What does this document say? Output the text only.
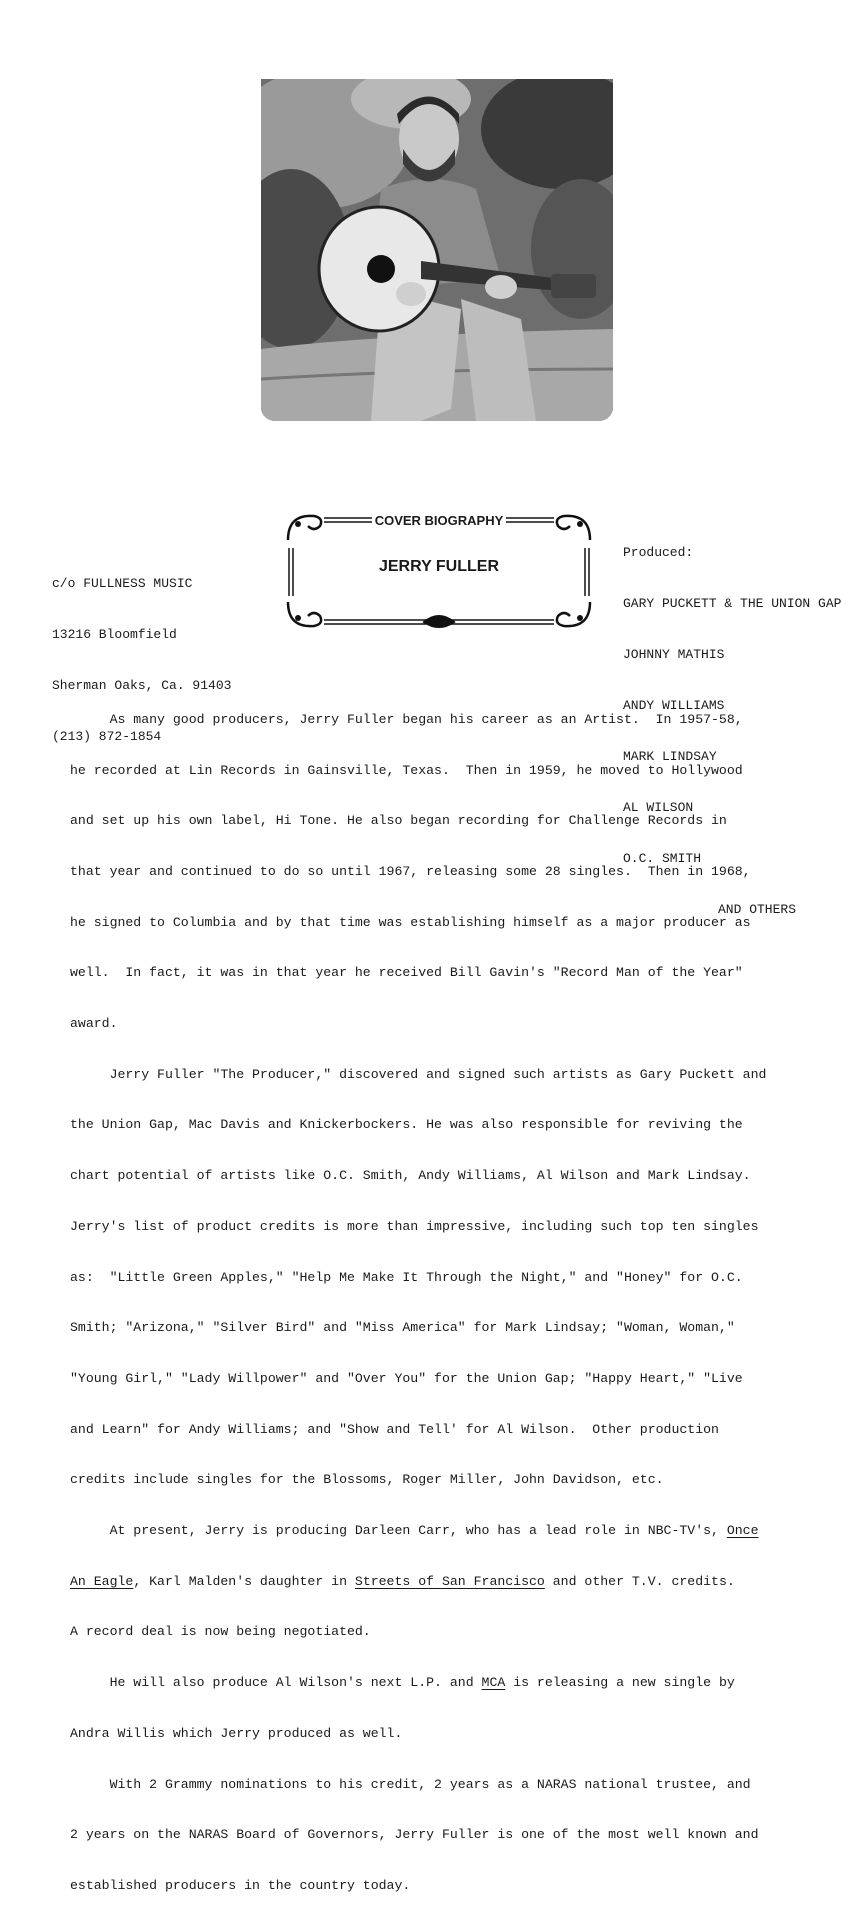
c/o FULLNESS MUSIC

13216 Bloomfield

Sherman Oaks, Ca. 91403

(213) 872-1854

COVER BIOGRAPHY
JERRY FULLER

Produced:

GARY PUCKETT & THE UNION GAP

JOHNNY MATHIS

ANDY WILLIAMS

MARK LINDSAY

AL WILSON

O.C. SMITH

AND OTHERS

As many good producers, Jerry Fuller began his career as an Artist.  In 1957-58,

he recorded at Lin Records in Gainsville, Texas.  Then in 1959, he moved to Hollywood

and set up his own label, Hi Tone. He also began recording for Challenge Records in

that year and continued to do so until 1967, releasing some 28 singles.  Then in 1968,

he signed to Columbia and by that time was establishing himself as a major producer as

well.  In fact, it was in that year he received Bill Gavin's "Record Man of the Year"

award.

Jerry Fuller "The Producer," discovered and signed such artists as Gary Puckett and

the Union Gap, Mac Davis and Knickerbockers. He was also responsible for reviving the

chart potential of artists like O.C. Smith, Andy Williams, Al Wilson and Mark Lindsay.

Jerry's list of product credits is more than impressive, including such top ten singles

as:  "Little Green Apples," "Help Me Make It Through the Night," and "Honey" for O.C.

Smith; "Arizona," "Silver Bird" and "Miss America" for Mark Lindsay; "Woman, Woman,"

"Young Girl," "Lady Willpower" and "Over You" for the Union Gap; "Happy Heart," "Live

and Learn" for Andy Williams; and "Show and Tell' for Al Wilson.  Other production

credits include singles for the Blossoms, Roger Miller, John Davidson, etc.

At present, Jerry is producing Darleen Carr, who has a lead role in NBC-TV's, Once

An Eagle, Karl Malden's daughter in Streets of San Francisco and other T.V. credits.

A record deal is now being negotiated.

He will also produce Al Wilson's next L.P. and MCA is releasing a new single by

Andra Willis which Jerry produced as well.

With 2 Grammy nominations to his credit, 2 years as a NARAS national trustee, and

2 years on the NARAS Board of Governors, Jerry Fuller is one of the most well known and

established producers in the country today.
